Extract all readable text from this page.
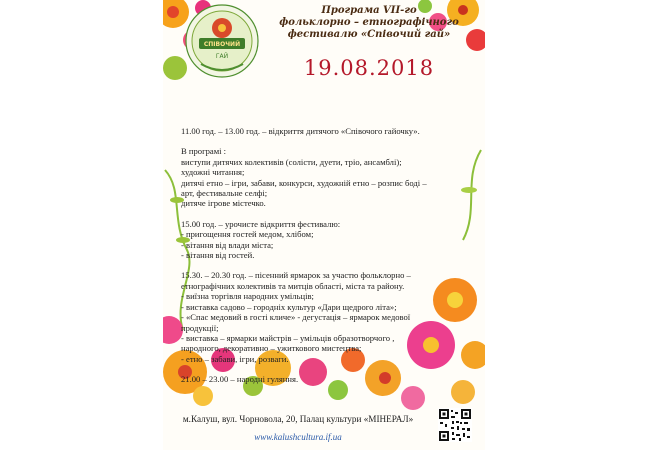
СПІВОЧИЙ
ГАЙ
Програма VII-го
фольклорно – етнографічного
фестивалю «Співочий гай»
19.08.2018
11.00 год. – 13.00 год. – відкриття дитячого «Співочого гайочку».
В програмі :
виступи дитячих колективів (солісти, дуети, тріо, ансамблі);
художні читання;
дитячі етно – ігри, забави, конкурси, художній етно – розпис боді –
арт, фестивальне селфі;
дитяче ігрове містечко.
15.00 год. – урочисте відкриття фестивалю:
- пригощення гостей медом, хлібом;
- вітання від влади міста;
- вітання від гостей.
15.30. – 20.30 год. – пісенний ярмарок за участю фольклорно –
етнографічних колективів та митців області, міста та району.
- виїзна торгівля народних умільців;
- виставка садово – городніх культур «Дари щедрого літа»;
- «Спас медовий в гості кличе» - дегустація – ярмарок медової
продукції;
- виставка – ярмарки майстрів – умільців образотворчого ,
народного, декоративно – ужиткового мистецтва;
- етно – забави, ігри, розваги.
21.00 – 23.00 – народні гуляння.
м.Калуш, вул. Чорновола, 20, Палац культури «МІНЕРАЛ»
www.kalushcultura.if.ua
